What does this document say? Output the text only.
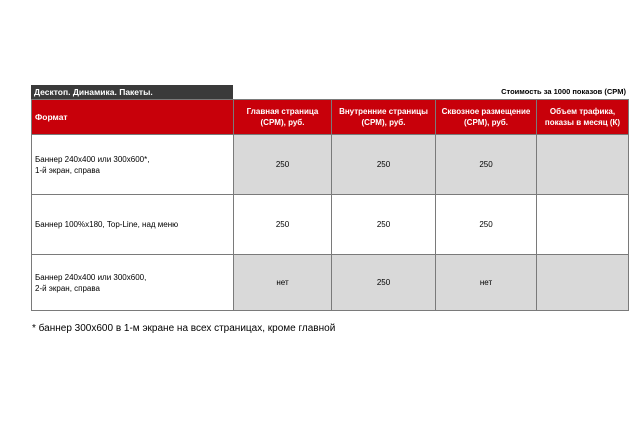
Десктоп. Динамика. Пакеты.	Стоимость за 1000 показов (CPM)
Формат	Главная страница (CPM), руб.	Внутренние страницы (CPM), руб.	Сквозное размещение (CPM), руб.	Объем трафика, показы в месяц (К)

Баннер 240х400 или 300х600*,
1-й экран, справа	250	250	250	

Баннер 100%х180, Top-Line, над меню	250	250	250	

Баннер 240х400 или 300х600,
2-й экран, справа	нет	250	нет	
* баннер 300х600 в 1-м экране на всех страницах, кроме главной
